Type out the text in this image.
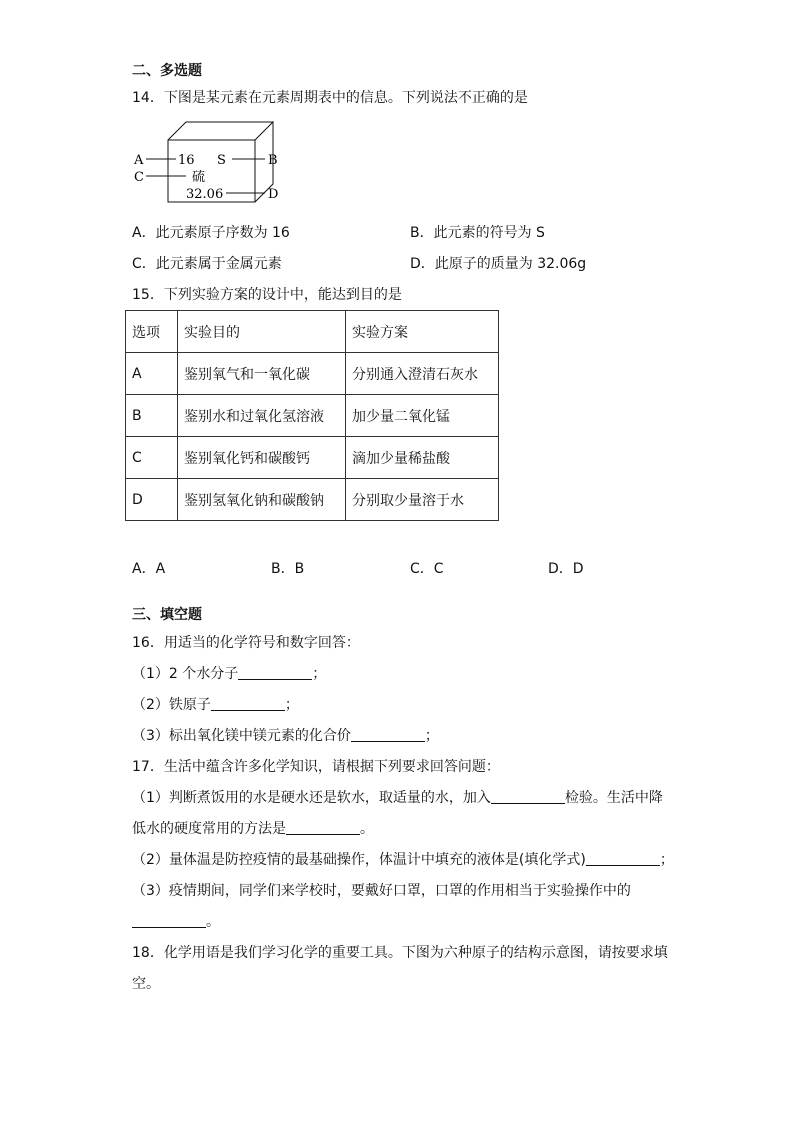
二、多选题
14．下图是某元素在元素周期表中的信息。下列说法不正确的是
A
C
B
D
16 S
硫
32.06
A．此元素原子序数为 16	B．此元素的符号为 S
C．此元素属于金属元素	D．此原子的质量为 32.06g
15．下列实验方案的设计中，能达到目的是
选项	实验目的	实验方案
A	鉴别氧气和一氧化碳	分别通入澄清石灰水
B	鉴别水和过氧化氢溶液	加少量二氧化锰
C	鉴别氧化钙和碳酸钙	滴加少量稀盐酸
D	鉴别氢氧化钠和碳酸钠	分别取少量溶于水
A．A	B．B	C．C	D．D
三、填空题
16．用适当的化学符号和数字回答：
（1）2 个水分子	；
（2）铁原子	；
（3）标出氧化镁中镁元素的化合价	；
17．生活中蕴含许多化学知识，请根据下列要求回答问题：
（1）判断煮饭用的水是硬水还是软水，取适量的水，加入	检验。生活中降
低水的硬度常用的方法是	。
（2）量体温是防控疫情的最基础操作，体温计中填充的液体是(填化学式)	；
（3）疫情期间，同学们来学校时，要戴好口罩，口罩的作用相当于实验操作中的
。
18．化学用语是我们学习化学的重要工具。下图为六种原子的结构示意图，请按要求填
空。
